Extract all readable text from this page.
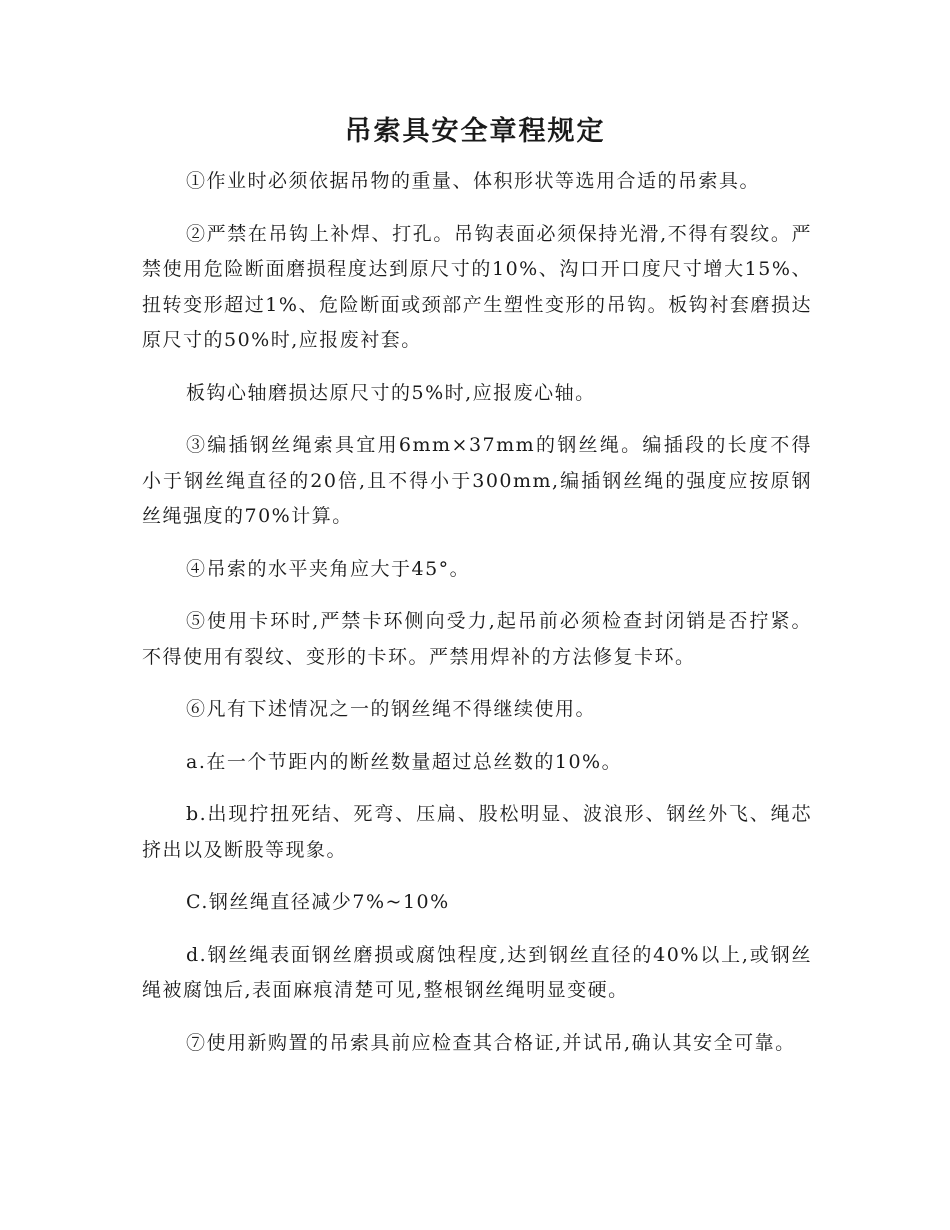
吊索具安全章程规定

①作业时必须依据吊物的重量、体积形状等选用合适的吊索具。

②严禁在吊钩上补焊、打孔。吊钩表面必须保持光滑,不得有裂纹。严禁使用危险断面磨损程度达到原尺寸的10%、沟口开口度尺寸增大15%、扭转变形超过1%、危险断面或颈部产生塑性变形的吊钩。板钩衬套磨损达原尺寸的50%时,应报废衬套。

板钩心轴磨损达原尺寸的5%时,应报废心轴。

③编插钢丝绳索具宜用6mm×37mm的钢丝绳。编插段的长度不得小于钢丝绳直径的20倍,且不得小于300mm,编插钢丝绳的强度应按原钢丝绳强度的70%计算。

④吊索的水平夹角应大于45°。

⑤使用卡环时,严禁卡环侧向受力,起吊前必须检查封闭销是否拧紧。不得使用有裂纹、变形的卡环。严禁用焊补的方法修复卡环。

⑥凡有下述情况之一的钢丝绳不得继续使用。

a.在一个节距内的断丝数量超过总丝数的10%。

b.出现拧扭死结、死弯、压扁、股松明显、波浪形、钢丝外飞、绳芯挤出以及断股等现象。

C.钢丝绳直径减少7%~10%

d.钢丝绳表面钢丝磨损或腐蚀程度,达到钢丝直径的40%以上,或钢丝绳被腐蚀后,表面麻痕清楚可见,整根钢丝绳明显变硬。

⑦使用新购置的吊索具前应检查其合格证,并试吊,确认其安全可靠。
